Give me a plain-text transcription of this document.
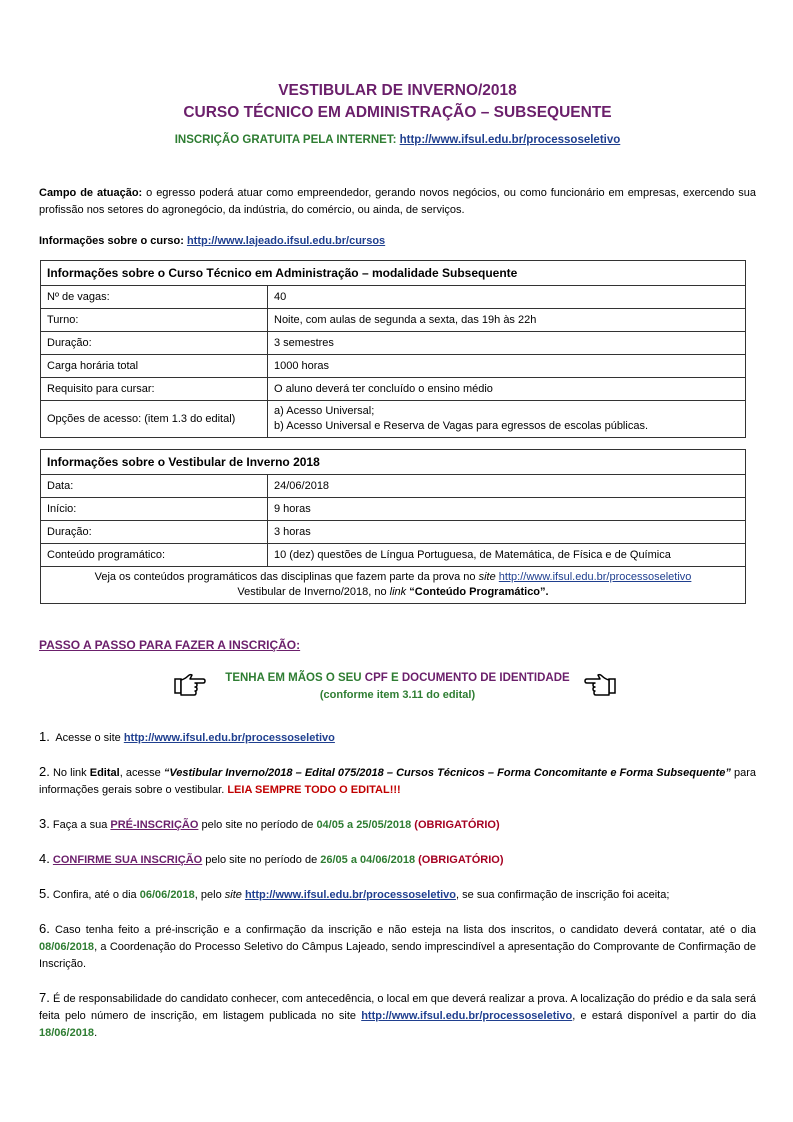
VESTIBULAR DE INVERNO/2018
CURSO TÉCNICO EM ADMINISTRAÇÃO – SUBSEQUENTE
INSCRIÇÃO GRATUITA PELA INTERNET: http://www.ifsul.edu.br/processoseletivo
Campo de atuação: o egresso poderá atuar como empreendedor, gerando novos negócios, ou como funcionário em empresas, exercendo sua profissão nos setores do agronegócio, da indústria, do comércio, ou ainda, de serviços.
Informações sobre o curso: http://www.lajeado.ifsul.edu.br/cursos
Informações sobre o Curso Técnico em Administração – modalidade Subsequente	
Nº de vagas:	40
Turno:	Noite, com aulas de segunda a sexta, das 19h às 22h
Duração:	3 semestres
Carga horária total	1000 horas
Requisito para cursar:	O aluno deverá ter concluído o ensino médio
Opções de acesso: (item 1.3 do edital)	a) Acesso Universal;
b) Acesso Universal e Reserva de Vagas para egressos de escolas públicas.
Informações sobre o Vestibular de Inverno 2018	
Data:	24/06/2018
Início:	9 horas
Duração:	3 horas
Conteúdo programático:	10 (dez) questões de Língua Portuguesa, de Matemática, de Física e de Química
Veja os conteúdos programáticos das disciplinas que fazem parte da prova no site http://www.ifsul.edu.br/processoseletivo
Vestibular de Inverno/2018, no link “Conteúdo Programático”.	
PASSO A PASSO PARA FAZER A INSCRIÇÃO:
TENHA EM MÃOS O SEU CPF E DOCUMENTO DE IDENTIDADE
(conforme item 3.11 do edital)
1.  Acesse o site http://www.ifsul.edu.br/processoseletivo
2. No link Edital, acesse “Vestibular Inverno/2018 – Edital 075/2018 – Cursos Técnicos – Forma Concomitante e Forma Subsequente” para informações gerais sobre o vestibular. LEIA SEMPRE TODO O EDITAL!!!
3. Faça a sua PRÉ-INSCRIÇÃO pelo site no período de 04/05 a 25/05/2018 (OBRIGATÓRIO)
4. CONFIRME SUA INSCRIÇÃO pelo site no período de 26/05 a 04/06/2018 (OBRIGATÓRIO)
5. Confira, até o dia 06/06/2018, pelo site http://www.ifsul.edu.br/processoseletivo, se sua confirmação de inscrição foi aceita;
6. Caso tenha feito a pré-inscrição e a confirmação da inscrição e não esteja na lista dos inscritos, o candidato deverá contatar, até o dia 08/06/2018, a Coordenação do Processo Seletivo do Câmpus Lajeado, sendo imprescindível a apresentação do Comprovante de Confirmação de Inscrição.
7. É de responsabilidade do candidato conhecer, com antecedência, o local em que deverá realizar a prova. A localização do prédio e da sala será feita pelo número de inscrição, em listagem publicada no site http://www.ifsul.edu.br/processoseletivo, e estará disponível a partir do dia 18/06/2018.
